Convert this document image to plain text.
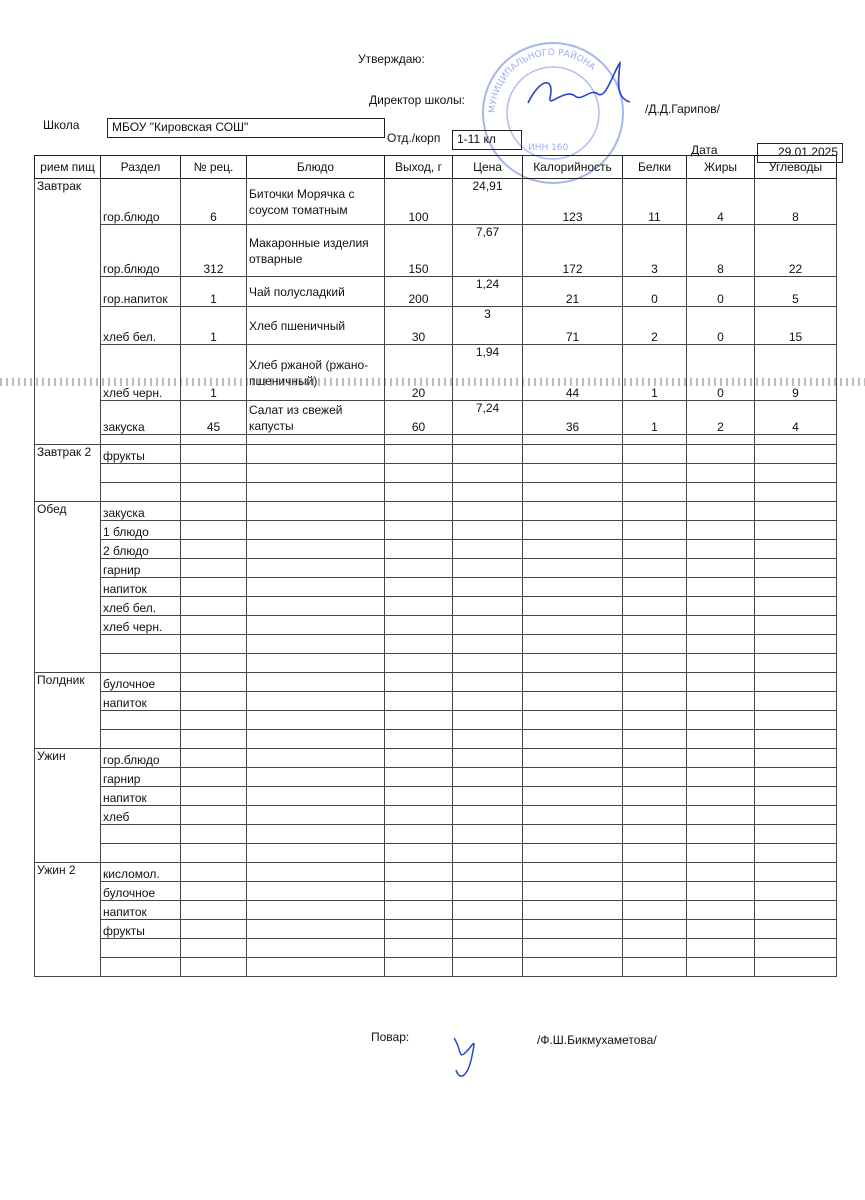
Утверждаю:
Директор школы:
/Д.Д.Гарипов/
МУНИЦИПАЛЬНОГО РАЙОНА
ИНН 160
Школа	МБОУ "Кировская СОШ"
Отд./корп	1-11 кл
Дата	29.01.2025
рием пищ	Раздел	№ рец.	Блюдо	Выход, г	Цена	Калорийность	Белки	Жиры	Углеводы
Завтрак	гор.блюдо	6	Биточки Морячка с соусом томатным	100	24,91	123	11	4	8
	гор.блюдо	312	Макаронные изделия отварные	150	7,67	172	3	8	22
	гор.напиток	1	Чай полусладкий	200	1,24	21	0	0	5
	хлеб бел.	1	Хлеб пшеничный	30	3	71	2	0	15
	хлеб черн.	1	Хлеб ржаной (ржано-пшеничный)	20	1,94	44	1	0	9
	закуска	45	Салат из свежей капусты	60	7,24	36	1	2	4

Завтрак 2	фрукты								

Обед	закуска								
	1 блюдо								
	2 блюдо								
	гарнир								
	напиток								
	хлеб бел.								
	хлеб черн.								

Полдник	булочное								
	напиток								

Ужин	гор.блюдо								
	гарнир								
	напиток								
	хлеб								

Ужин 2	кисломол.								
	булочное								
	напиток								
	фрукты								

Повар:	/Ф.Ш.Бикмухаметова/
